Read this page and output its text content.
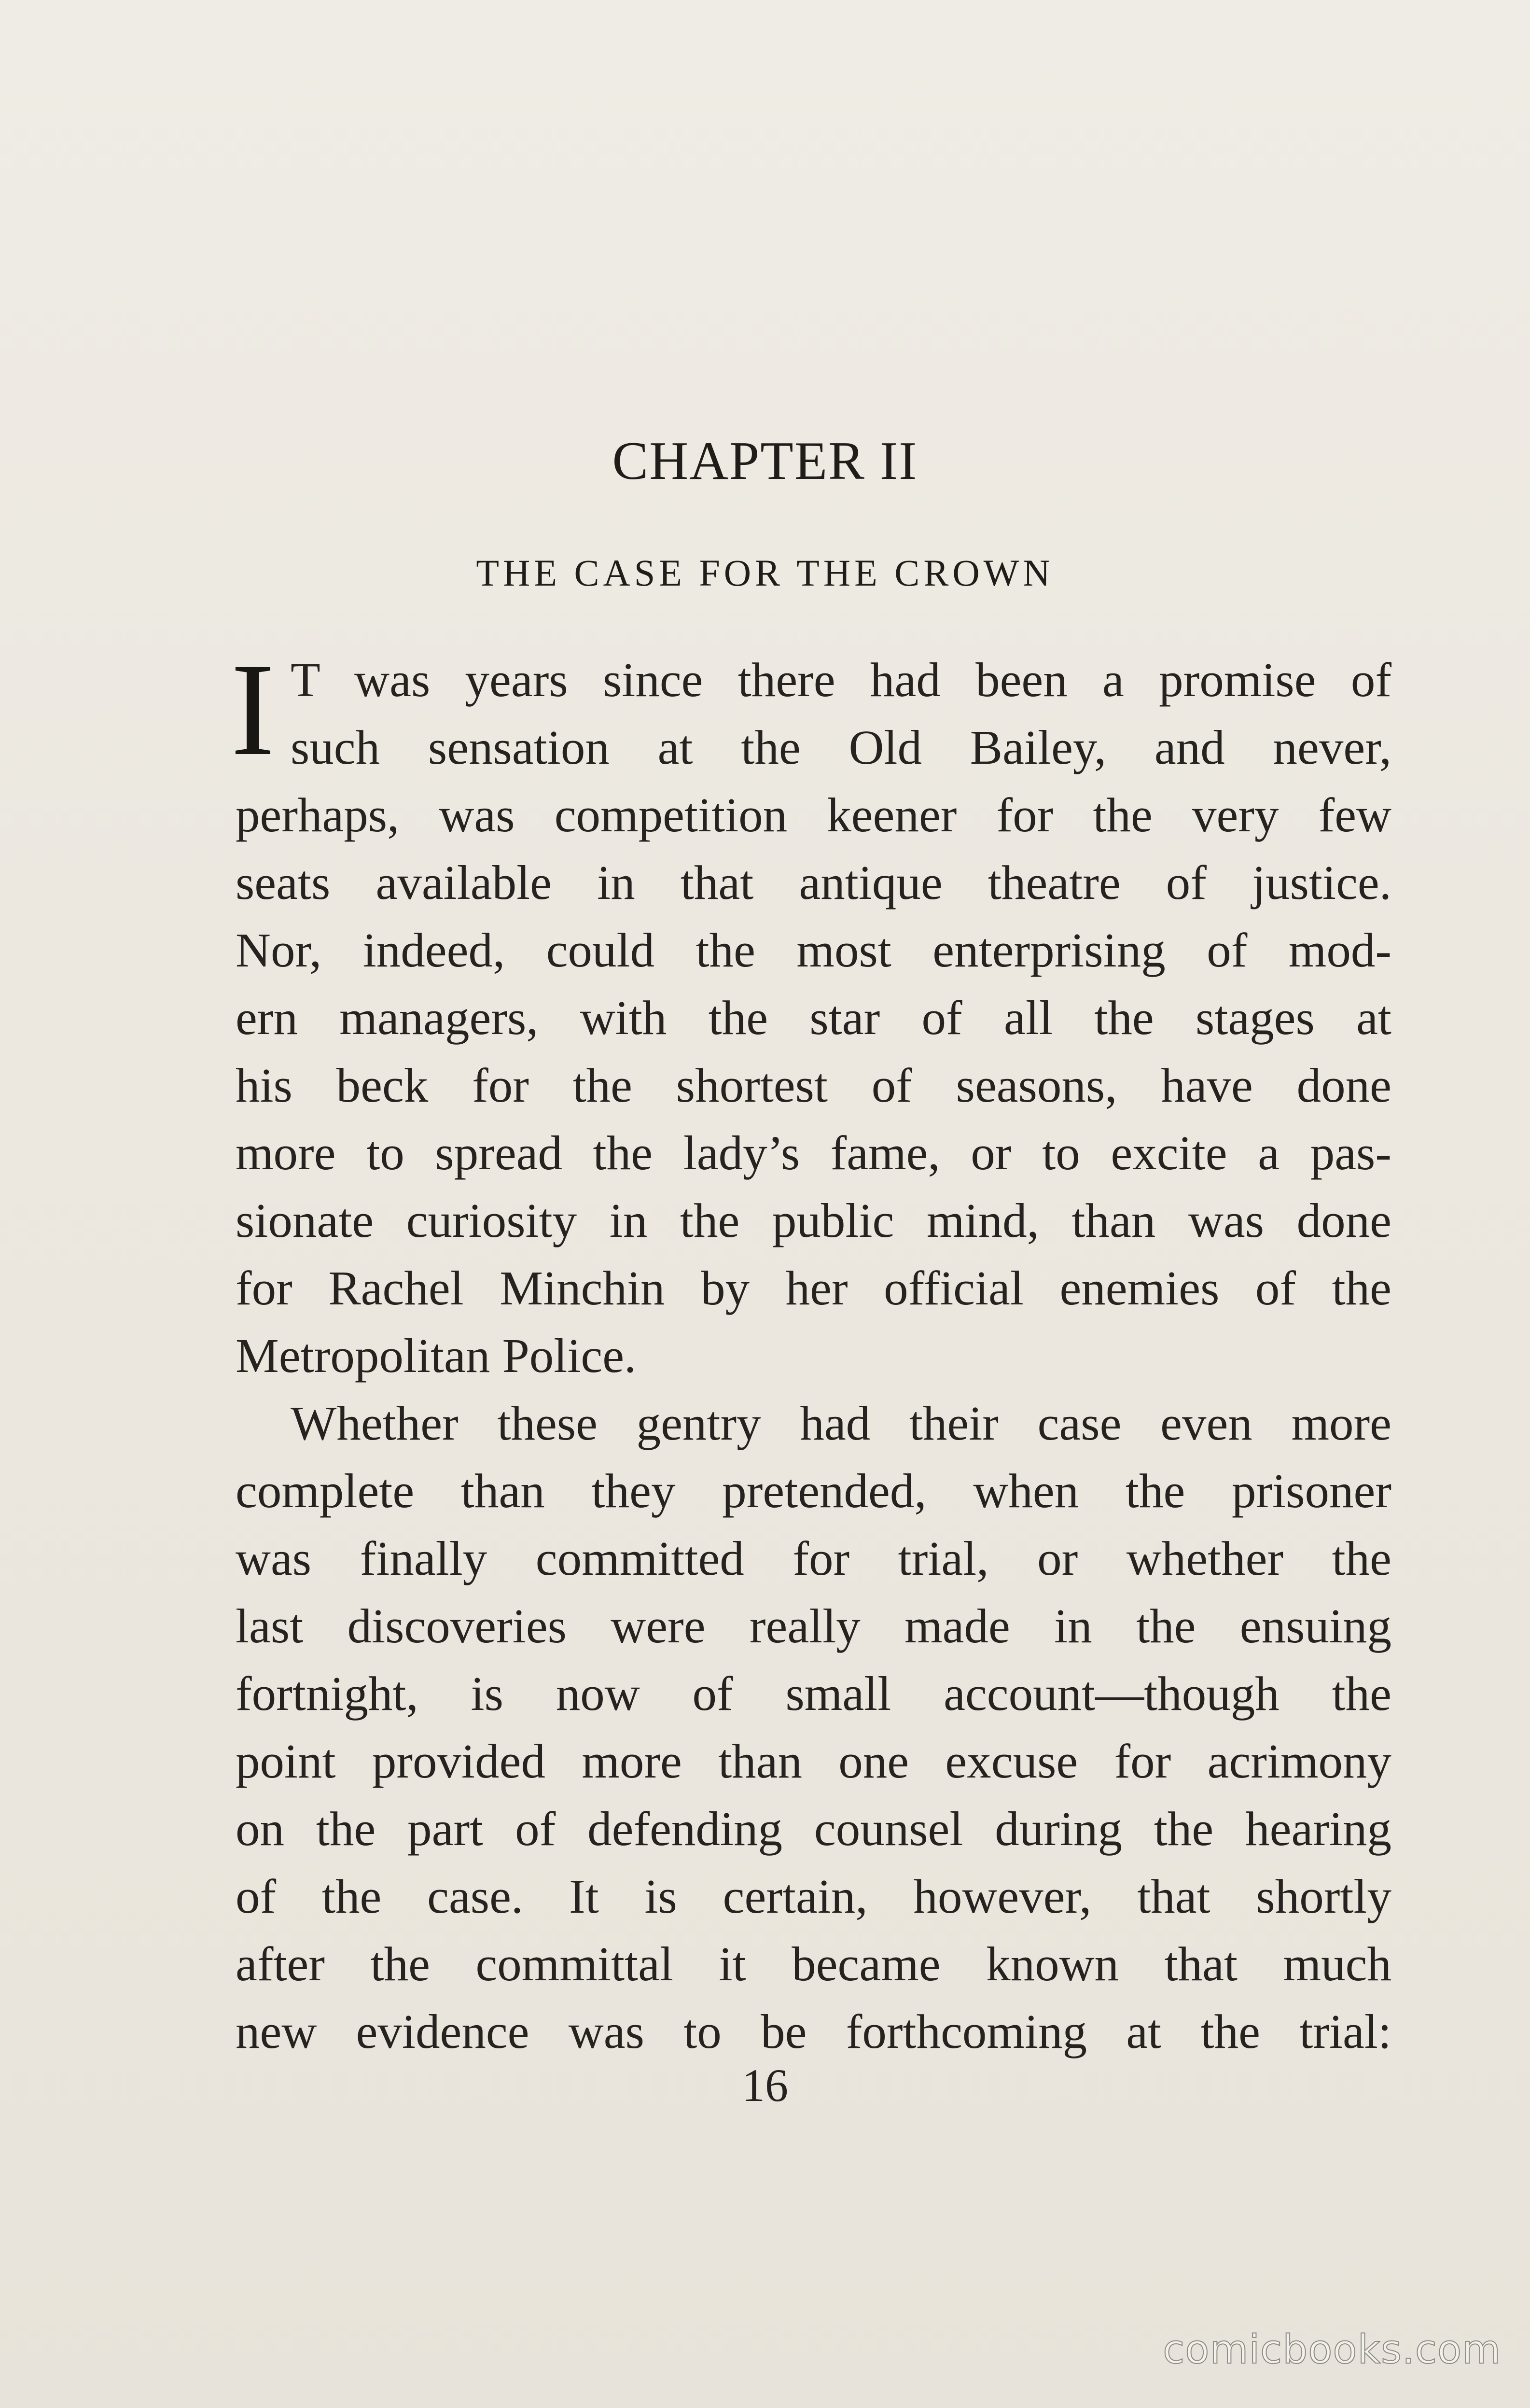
CHAPTER II
THE CASE FOR THE CROWN
I T was years since there had been a promise of
such sensation at the Old Bailey, and never,
perhaps, was competition keener for the very few
seats available in that antique theatre of justice.
Nor, indeed, could the most enterprising of mod-
ern managers, with the star of all the stages at
his beck for the shortest of seasons, have done
more to spread the lady’s fame, or to excite a pas-
sionate curiosity in the public mind, than was done
for Rachel Minchin by her official enemies of the
Metropolitan Police.
Whether these gentry had their case even more
complete than they pretended, when the prisoner
was finally committed for trial, or whether the
last discoveries were really made in the ensuing
fortnight, is now of small account—though the
point provided more than one excuse for acrimony
on the part of defending counsel during the hearing
of the case. It is certain, however, that shortly
after the committal it became known that much
new evidence was to be forthcoming at the trial:
16
comicbooks.com
